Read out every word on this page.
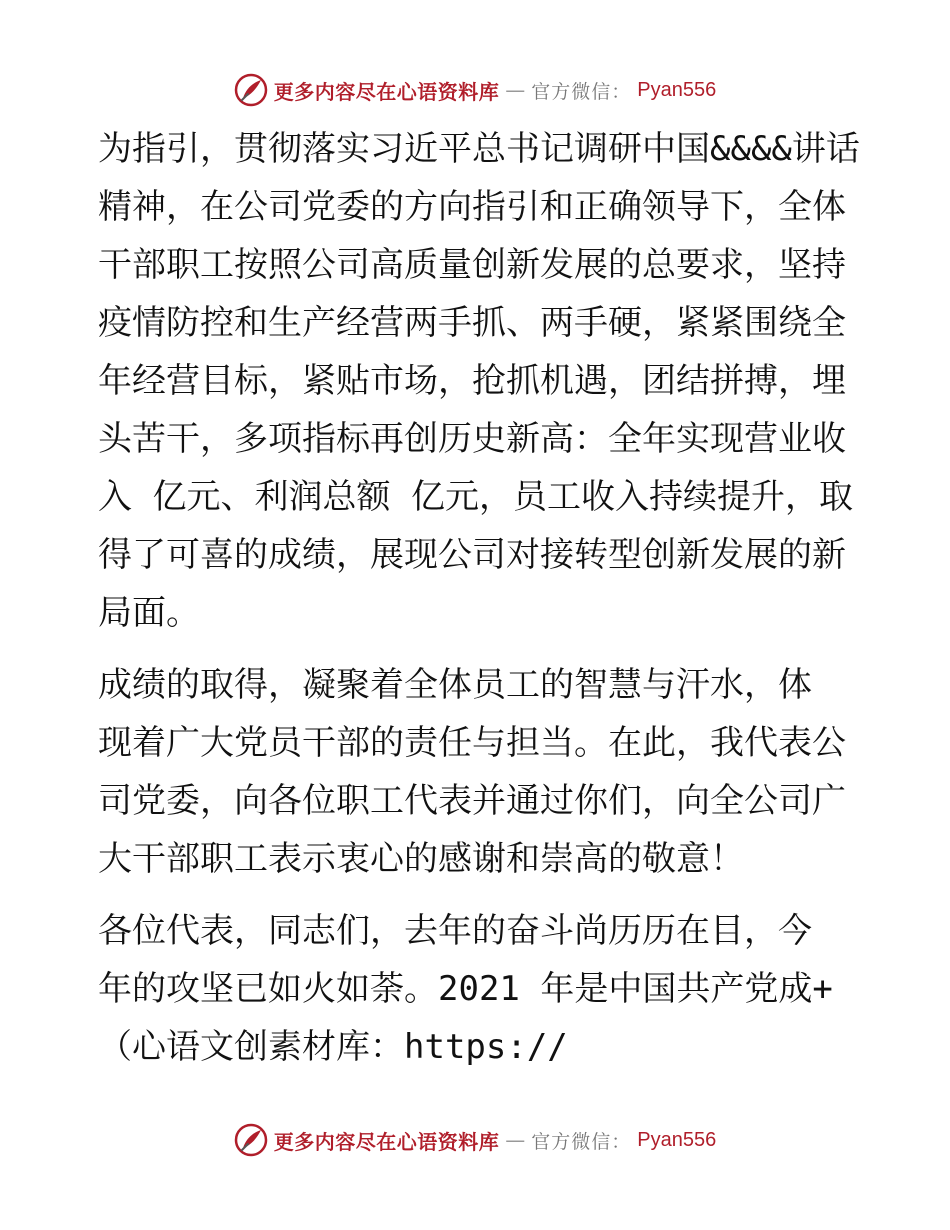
更多内容尽在心语资料库 — 官方微信： Pyan556

为指引，贯彻落实习近平总书记调研中国&&&&讲话
精神，在公司党委的方向指引和正确领导下，全体
干部职工按照公司高质量创新发展的总要求，坚持
疫情防控和生产经营两手抓、两手硬，紧紧围绕全
年经营目标，紧贴市场，抢抓机遇，团结拼搏，埋
头苦干，多项指标再创历史新高：全年实现营业收
入 亿元、利润总额 亿元，员工收入持续提升，取
得了可喜的成绩，展现公司对接转型创新发展的新
局面。

成绩的取得，凝聚着全体员工的智慧与汗水，体
现着广大党员干部的责任与担当。在此，我代表公
司党委，向各位职工代表并通过你们，向全公司广
大干部职工表示衷心的感谢和崇高的敬意！

各位代表，同志们，去年的奋斗尚历历在目，今
年的攻坚已如火如荼。2021 年是中国共产党成+
（心语文创素材库：https://

更多内容尽在心语资料库 — 官方微信： Pyan556
